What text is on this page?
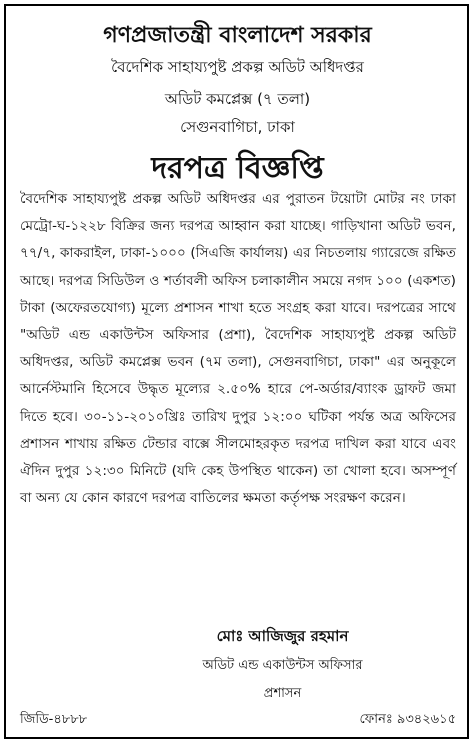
গণপ্রজাতন্ত্রী বাংলাদেশ সরকার
বৈদেশিক সাহায্যপুষ্ট প্রকল্প অডিট অধিদপ্তর
অডিট কমপ্লেক্স (৭ তলা)
সেগুনবাগিচা, ঢাকা
দরপত্র বিজ্ঞপ্তি
বৈদেশিক সাহায্যপুষ্ট প্রকল্প অডিট অধিদপ্তর এর পুরাতন টয়োটা মোটর নং ঢাকা মেট্রো-ঘ-১২২৮ বিক্রির জন্য দরপত্র আহ্বান করা যাচ্ছে। গাড়িখানা অডিট ভবন, ৭৭/৭, কাকরাইল, ঢাকা-১০০০ (সিএজি কার্যালয়) এর নিচতলায় গ্যারেজে রক্ষিত আছে। দরপত্র সিডিউল ও শর্তাবলী অফিস চলাকালীন সময়ে নগদ ১০০ (একশত) টাকা (অফেরতযোগ্য) মূল্যে প্রশাসন শাখা হতে সংগ্রহ করা যাবে। দরপত্রের সাথে "অডিট এন্ড একাউন্টস অফিসার (প্রশা), বৈদেশিক সাহায্যপুষ্ট প্রকল্প অডিট অধিদপ্তর, অডিট কমপ্লেক্স ভবন (৭ম তলা), সেগুনবাগিচা, ঢাকা" এর অনুকূলে আর্নেস্টমানি হিসেবে উদ্ধৃত মূল্যের ২.৫০% হারে পে-অর্ডার/ব্যাংক ড্রাফট জমা দিতে হবে। ৩০-১১-২০১০খ্রিঃ তারিখ দুপুর ১২:০০ ঘটিকা পর্যন্ত অত্র অফিসের প্রশাসন শাখায় রক্ষিত টেন্ডার বাক্সে সীলমোহরকৃত দরপত্র দাখিল করা যাবে এবং ঐদিন দুপুর ১২:৩০ মিনিটে (যদি কেহ উপস্থিত থাকেন) তা খোলা হবে। অসম্পূর্ণ বা অন্য যে কোন কারণে দরপত্র বাতিলের ক্ষমতা কর্তৃপক্ষ সংরক্ষণ করেন।
মোঃ আজিজুর রহমান
অডিট এন্ড একাউন্টস অফিসার
প্রশাসন
জিডি-৪৮৮৮	ফোনঃ ৯৩৪২৬১৫
